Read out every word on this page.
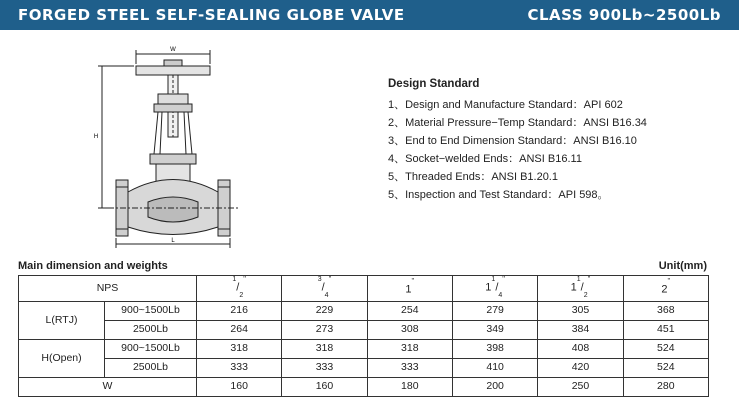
FORGED STEEL SELF-SEALING GLOBE VALVE	CLASS 900Lb~2500Lb
W
H
L
Design Standard
1、Design and Manufacture Standard：API 602
2、Material Pressure−Temp Standard：ANSI B16.34
3、End to End Dimension Standard：ANSI B16.10
4、Socket−welded Ends：ANSI B16.11
5、Threaded Ends：ANSI B1.20.1
5、Inspection and Test Standard：API 598。
Main dimension and weights	Unit(mm)
NPS		$^1/_2''$	$^3/_4''$	1''	$1^1/_4''$	$1^1/_2''$	2''
L(RTJ)	900~1500Lb	216	229	254	279	305	368
	2500Lb	264	273	308	349	384	451
H(Open)	900~1500Lb	318	318	318	398	408	524
	2500Lb	333	333	333	410	420	524
W		160	160	180	200	250	280
